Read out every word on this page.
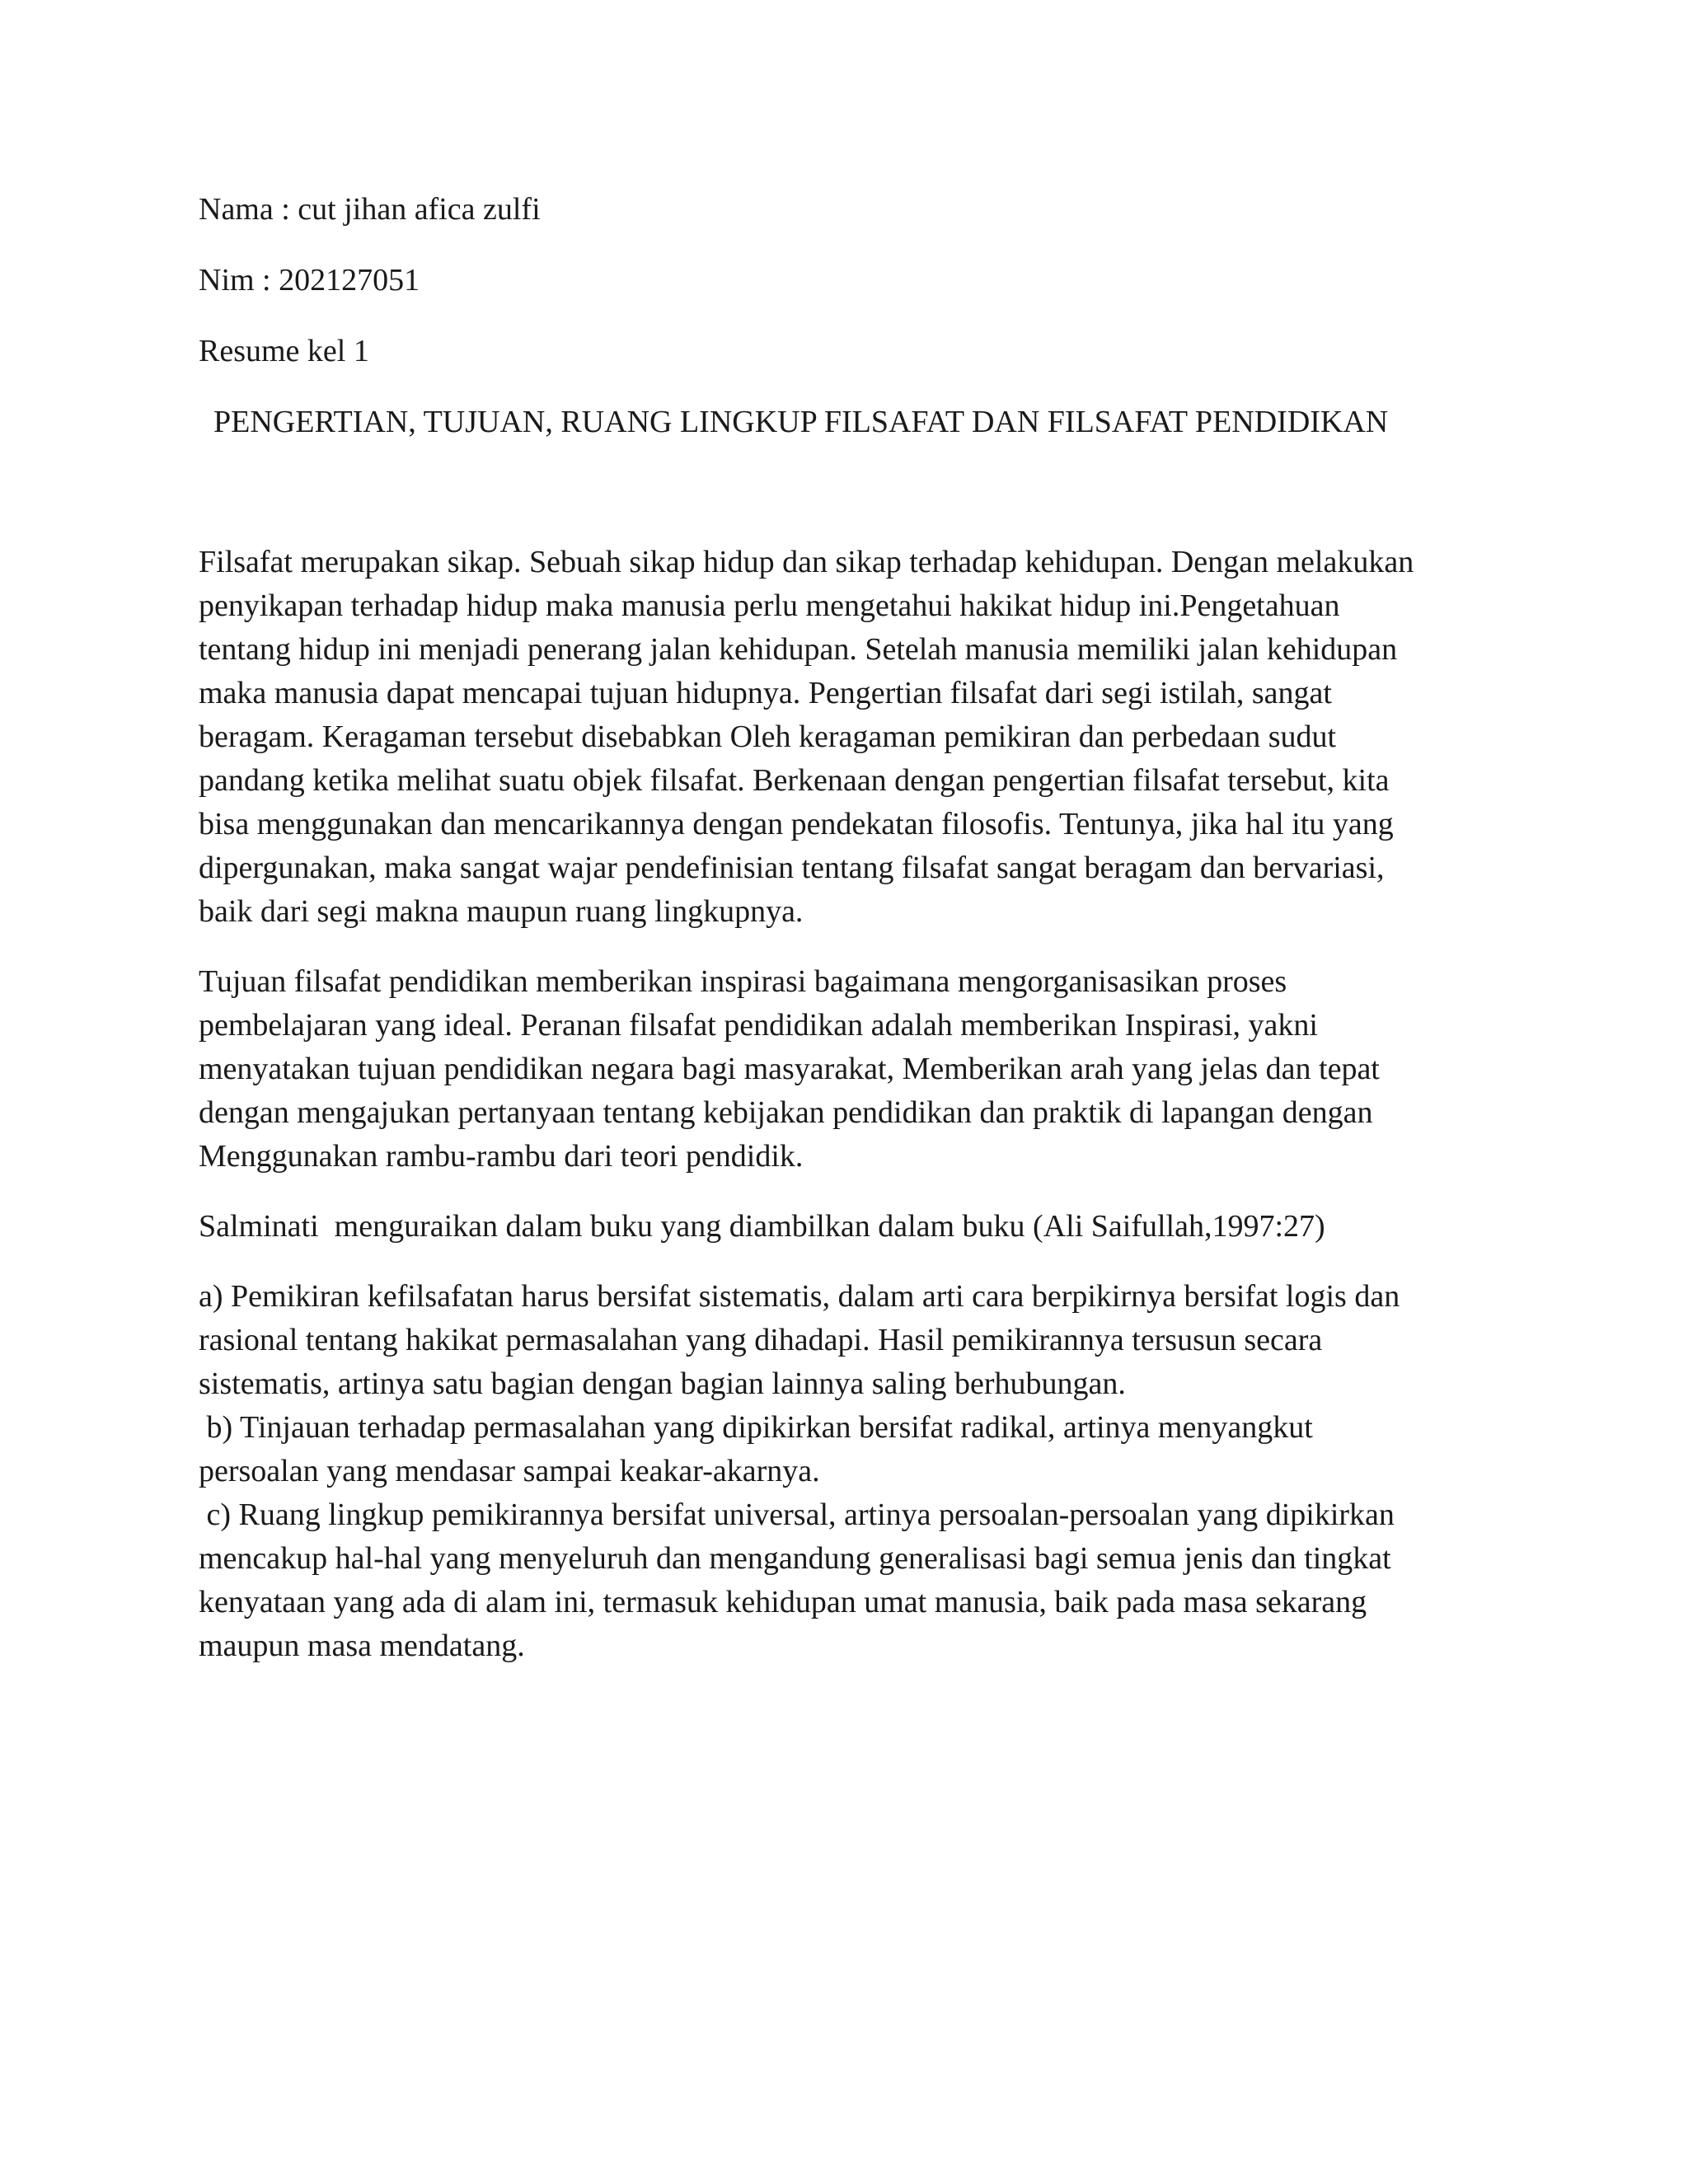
Nama : cut jihan afica zulfi

Nim : 202127051

Resume kel 1

PENGERTIAN, TUJUAN, RUANG LINGKUP FILSAFAT DAN FILSAFAT PENDIDIKAN

Filsafat merupakan sikap. Sebuah sikap hidup dan sikap terhadap kehidupan. Dengan melakukan
penyikapan terhadap hidup maka manusia perlu mengetahui hakikat hidup ini.Pengetahuan
tentang hidup ini menjadi penerang jalan kehidupan. Setelah manusia memiliki jalan kehidupan
maka manusia dapat mencapai tujuan hidupnya. Pengertian filsafat dari segi istilah, sangat
beragam. Keragaman tersebut disebabkan Oleh keragaman pemikiran dan perbedaan sudut
pandang ketika melihat suatu objek filsafat. Berkenaan dengan pengertian filsafat tersebut, kita
bisa menggunakan dan mencarikannya dengan pendekatan filosofis. Tentunya, jika hal itu yang
dipergunakan, maka sangat wajar pendefinisian tentang filsafat sangat beragam dan bervariasi,
baik dari segi makna maupun ruang lingkupnya.
Tujuan filsafat pendidikan memberikan inspirasi bagaimana mengorganisasikan proses
pembelajaran yang ideal. Peranan filsafat pendidikan adalah memberikan Inspirasi, yakni
menyatakan tujuan pendidikan negara bagi masyarakat, Memberikan arah yang jelas dan tepat
dengan mengajukan pertanyaan tentang kebijakan pendidikan dan praktik di lapangan dengan
Menggunakan rambu-rambu dari teori pendidik.
Salminati  menguraikan dalam buku yang diambilkan dalam buku (Ali Saifullah,1997:27)
a) Pemikiran kefilsafatan harus bersifat sistematis, dalam arti cara berpikirnya bersifat logis dan
rasional tentang hakikat permasalahan yang dihadapi. Hasil pemikirannya tersusun secara
sistematis, artinya satu bagian dengan bagian lainnya saling berhubungan.
b) Tinjauan terhadap permasalahan yang dipikirkan bersifat radikal, artinya menyangkut
persoalan yang mendasar sampai keakar-akarnya.
c) Ruang lingkup pemikirannya bersifat universal, artinya persoalan-persoalan yang dipikirkan
mencakup hal-hal yang menyeluruh dan mengandung generalisasi bagi semua jenis dan tingkat
kenyataan yang ada di alam ini, termasuk kehidupan umat manusia, baik pada masa sekarang
maupun masa mendatang.
